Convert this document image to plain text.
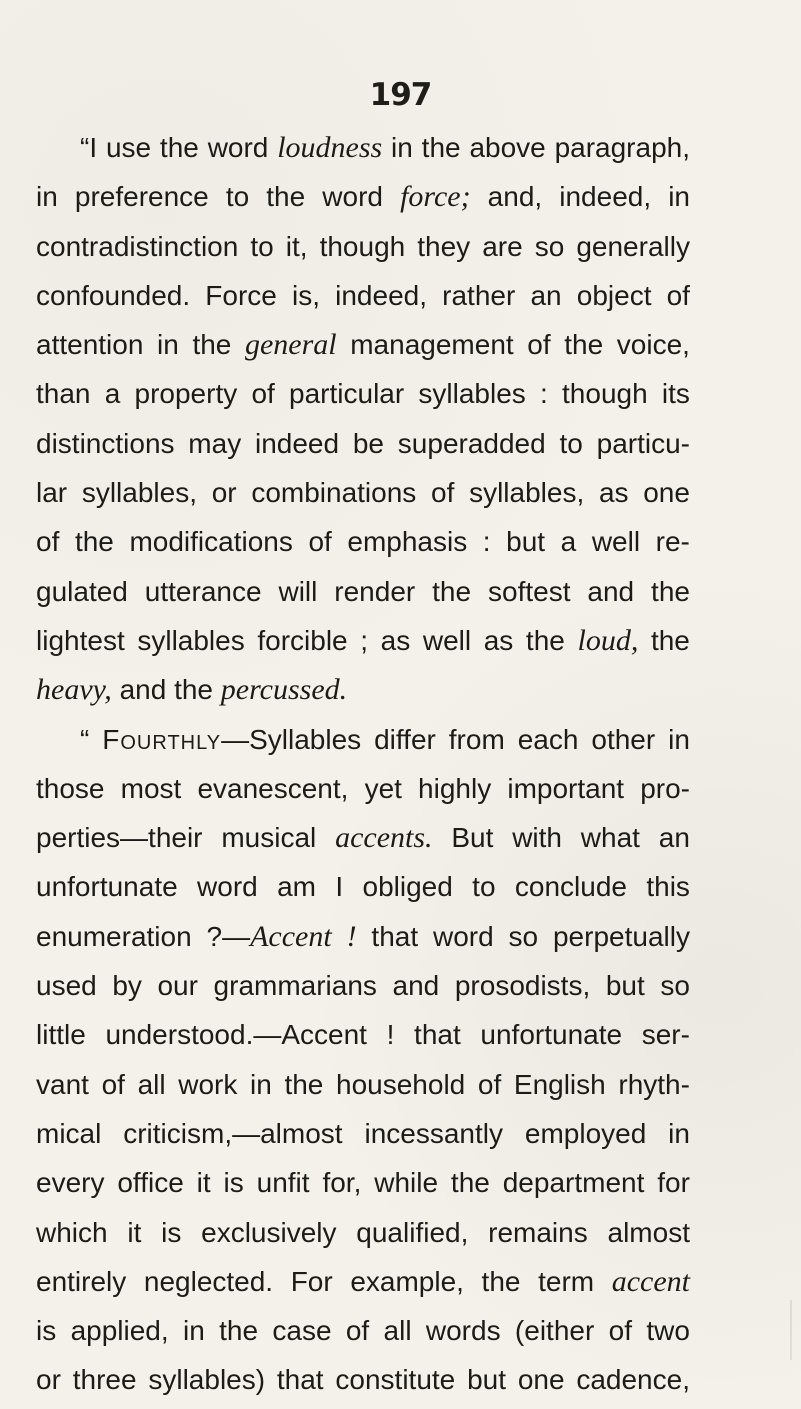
197
“I use the word loudness in the above paragraph,
in preference to the word force; and, indeed, in
contradistinction to it, though they are so generally
confounded. Force is, indeed, rather an object of
attention in the general management of the voice,
than a property of particular syllables : though its
distinctions may indeed be superadded to particu-
lar syllables, or combinations of syllables, as one
of the modifications of emphasis : but a well re-
gulated utterance will render the softest and the
lightest syllables forcible ; as well as the loud, the
heavy, and the percussed.
“ Fourthly—Syllables differ from each other in
those most evanescent, yet highly important pro-
perties—their musical accents. But with what an
unfortunate word am I obliged to conclude this
enumeration ?—Accent ! that word so perpetually
used by our grammarians and prosodists, but so
little understood.—Accent ! that unfortunate ser-
vant of all work in the household of English rhyth-
mical criticism,—almost incessantly employed in
every office it is unfit for, while the department for
which it is exclusively qualified, remains almost
entirely neglected. For example, the term accent
is applied, in the case of all words (either of two
or three syllables) that constitute but one cadence,
